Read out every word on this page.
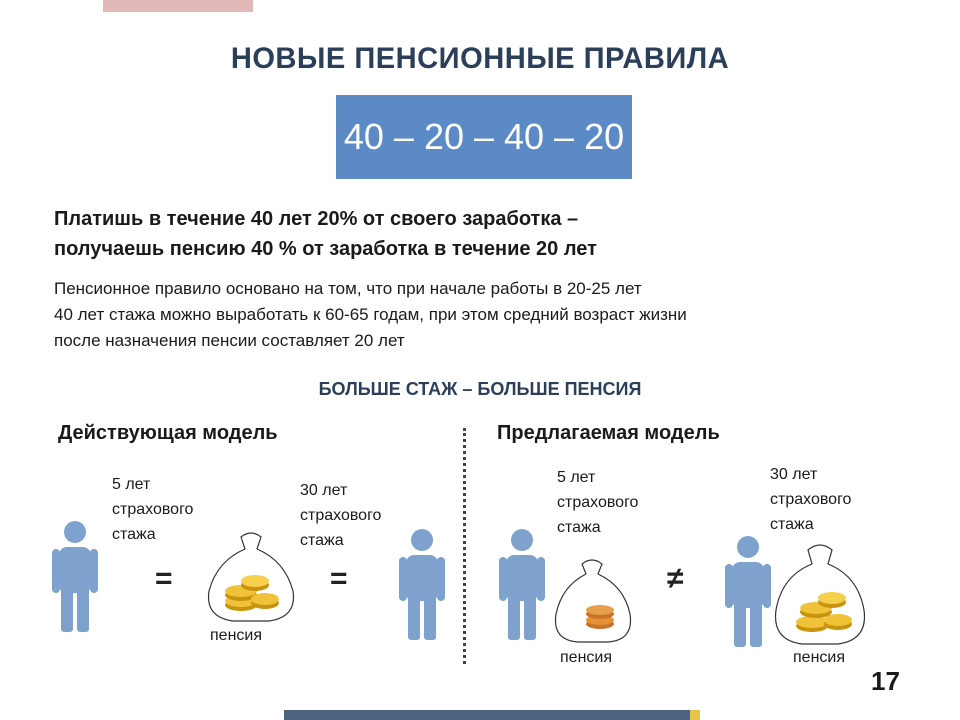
НОВЫЕ ПЕНСИОННЫЕ ПРАВИЛА
40 – 20 – 40 – 20
Платишь в течение 40 лет 20% от своего заработка –
получаешь пенсию 40 % от заработка в течение 20 лет
Пенсионное правило основано на том, что при начале работы в 20-25 лет
40 лет стажа можно выработать к 60-65 годам, при этом средний возраст жизни
после назначения пенсии составляет 20 лет
БОЛЬШЕ СТАЖ – БОЛЬШЕ ПЕНСИЯ
Действующая модель
5 лет
страхового
стажа
30 лет
страхового
стажа
=
пенсия
=
Предлагаемая модель
5 лет
страхового
стажа
30 лет
страхового
стажа
пенсия
≠
пенсия
17
